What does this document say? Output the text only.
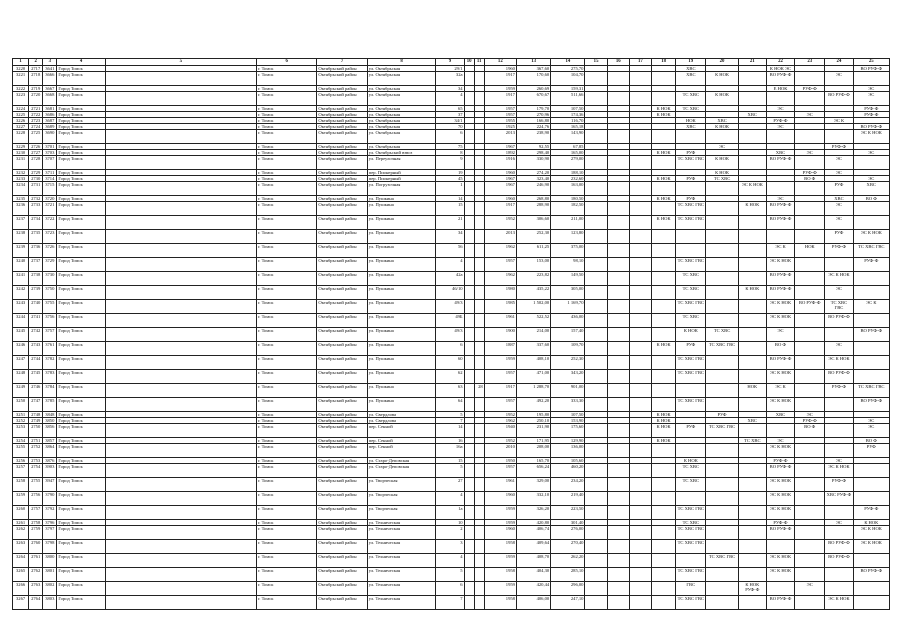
1	2	3	4	5	6	7	8	9	10	11	12	13	14	15	16	17	18	19	20	21	22	23	24	25
3220	2717	3641	Город Томск		г. Томск	Октябрьский район	ул. Октябрьская	29/1			1960	367,60	275,70					ХВС			К НОК ЭС			ВО РУФ-Ф
3221	2718	3666	Город Томск		г. Томск	Октябрьский район	ул. Октябрьская	32а			1917	170,60	104,70					ХВС	К НОК		ВО РУФ-Ф		ЭС	
3222	2719	3667	Город Томск		г. Томск	Октябрьский район	ул. Октябрьская	34			1959	260,69	159,31								Е НОК	РУФ-Ф		ЭС
3223	2720	3668	Город Томск		г. Томск	Октябрьский район	ул. Октябрьская	4			1917	670,67	511,66					ТС ХВС	К НОК				ВО РУФ-Ф	ЭС
3224	2721	3681	Город Томск		г. Томск	Октябрьский район	ул. Октябрьская	65			1957	179,70	107,50				К НОК	ТС ХВС			ЭС			РУФ-Ф
3225	2722	3686	Город Томск		г. Томск	Октябрьский район	ул. Октябрьская	37			1957	270,96	174,36				К НОК			ХВС		ЭС		РУФ-Ф
3226	2723	3687	Город Томск		г. Томск	Октябрьский район	ул. Октябрьская	34/1			1955	166,80	116,70					НОК	ХВС		РУФ-Ф		ЭС К	
3227	2724	3689	Город Томск		г. Томск	Октябрьский район	ул. Октябрьская	70			1925	224,76	165,18					ХВС	К НОК		ЭС			ВО РУФ-Ф
3228	2725	3690	Город Томск		г. Томск	Октябрьский район	ул. Октябрьская	6			2013	238,90	143,90											ЭС К НОК
3229	2726	3701	Город Томск		г. Томск	Октябрьский район	ул. Октябрьская	75			1967	92,55	67,85						ЭС				РУФ-Ф	
3230	2727	3703	Город Томск		г. Томск	Октябрьский район	ул. Октябрьский взвоз	8			1892	298,40	165,00				К НОК	РУФ			ХВС	ЭС		ЭС
3231	2728	3707	Город Томск		г. Томск	Октябрьский район	ул. Переулочная	9			1916	330,90	279,00					ТС ХВС ГВС	К НОК		ВО РУФ-Ф		ЭС	
3232	2729	3711	Город Томск		г. Томск	Октябрьский район	пер. Пионерный	19			1960	274,20	188,10						К НОК			РУФ-Ф	ЭС	
3233	2730	3714	Город Томск		г. Томск	Октябрьский район	пер. Пионерный	45			1967	323,40	232,60				К НОК	РУФ	ТС ХВС			ВО Ф		ЭС
3234	2731	3715	Город Томск		г. Томск	Октябрьский район	ул. Погрузочная	1			1967	246,90	163,00							ЭС К НОК			РУФ	ХВС
3235	2732	3720	Город Томск		г. Томск	Октябрьский район	ул. Пушкина	14			1960	268,80	180,50				К НОК	РУФ			ЭС		ХВС	ВО Ф
3236	2733	3721	Город Томск		г. Томск	Октябрьский район	ул. Пушкина	15			1917	288,90	182,50					ТС ХВС ГВС		К НОК	ВО РУФ-Ф		ЭС	
3237	2734	3722	Город Томск		г. Томск	Октябрьский район	ул. Пушкина	21			1952	306,60	211,00				К НОК	ТС ХВС ГВС			ВО РУФ-Ф		ЭС	
3238	2735	3723	Город Томск		г. Томск	Октябрьский район	ул. Пушкина	34			2013	252,30	123,80										РУФ	ЭС К НОК
3239	2736	3726	Город Томск		г. Томск	Октябрьский район	ул. Пушкина	56			1962	611,25	375,00								ЭС К	НОК	РУФ-Ф	ТС ХВС ГВС
3240	2737	3729	Город Томск		г. Томск	Октябрьский район	ул. Пушкина	4			1957	153,00	98,10					ТС ХВС ГВС			ЭС К НОК			РУФ-Ф
3241	2738	3730	Город Томск		г. Томск	Октябрьский район	ул. Пушкина	42а			1962	223,82	149,50					ТС ХВС			ВО РУФ-Ф		ЭС К НОК	
3242	2739	3750	Город Томск		г. Томск	Октябрьский район	ул. Пушкина	46/10			1980	435,22	305,00					ТС ХВС		К НОК	ВО РУФ-Ф		ЭС	
3243	2740	3755	Город Томск		г. Томск	Октябрьский район	ул. Пушкина	49/3			1985	1 502,00	1 169,70					ТС ХВС ГВС			ЭС К НОК	ВО РУФ-Ф	ТС ХВС ГВС	ЭС К
3244	2741	3756	Город Томск		г. Томск	Октябрьский район	ул. Пушкина	49Б			1961	522,52	436,00					ТС ХВС			ЭС К НОК		ВО РУФ-Ф	
3245	2742	3757	Город Томск		г. Томск	Октябрьский район	ул. Пушкина	49/3			1900	214,00	157,40					К НОК	ТС ХВС		ЭС			ВО РУФ-Ф
3246	2743	3761	Город Томск		г. Томск	Октябрьский район	ул. Пушкина	6			1887	337,60	109,70				К НОК	РУФ	ТС ХВС ГВС		ВО Ф		ЭС	
3247	2744	3782	Город Томск		г. Томск	Октябрьский район	ул. Пушкина	60			1959	408,10	252,30					ТС ХВС ГВС			ВО РУФ-Ф		ЭС К НОК	
3248	2745	3783	Город Томск		г. Томск	Октябрьский район	ул. Пушкина	62			1957	471,00	343,20					ТС ХВС ГВС			ЭС К НОК		ВО РУФ-Ф	
3249	2746	3784	Город Томск		г. Томск	Октябрьский район	ул. Пушкина	63		28	1917	1 288,70	901,00							НОК	ЭС К		РУФ-Ф	ТС ХВС ГВС
3250	2747	3785	Город Томск		г. Томск	Октябрьский район	ул. Пушкина	64			1957	492,20	333,30					ТС ХВС ГВС			ЭС К НОК			ВО РУФ-Ф
3251	2748	3848	Город Томск		г. Томск	Октябрьский район	ул. Свердлова	5			1952	195,80	107,50				К НОК		РУФ		ХВС	ЭС		
3252	2749	3850	Город Томск		г. Томск	Октябрьский район	ул. Свердлова	7			1962	250,10	153,90				К НОК			ХВС		РУФ-Ф		ЭС
3253	2750	3856	Город Томск		г. Томск	Октябрьский район	пер. Сенной	14			1940	231,90	175,60				К НОК	РУФ	ТС ХВС ГВС			ВО Ф		ЭС
3254	2751	3857	Город Томск		г. Томск	Октябрьский район	пер. Сенной	16			1952	171,95	129,90				К НОК			ТС ХВС	ЭС			ВО Ф
3255	2752	3864	Город Томск		г. Томск	Октябрьский район	пер. Сенной	16а			2010	208,00	136,00								ЭС К НОК			РУФ
3256	2753	3876	Город Томск		г. Томск	Октябрьский район	ул. Старо-Деповская	15			1950	165,70	105,60					К НОК			РУФ-Ф		ЭС	
3257	2754	3903	Город Томск		г. Томск	Октябрьский район	ул. Старо-Деповская	5			1957	656,24	460,20					ТС ХВС			ВО РУФ-Ф		ЭС К НОК	
3258	2755	3947	Город Томск		г. Томск	Октябрьский район	ул. Творческая	27			1961	329,00	234,20					ТС ХВС			ЭС К НОК		РУФ-Ф	
3259	2756	3790	Город Томск		г. Томск	Октябрьский район	ул. Творческая	4			1960	332,10	219,40								ЭС К НОК		ХВС РУФ-Ф	
3260	2757	3792	Город Томск		г. Томск	Октябрьский район	ул. Творческая	1а			1959	326,20	223,50					ТС ХВС ГВС			ЭС К НОК			РУФ-Ф
3261	2758	3796	Город Томск		г. Томск	Октябрьский район	ул. Техническая	10			1959	420,80	301,40					ТС ХВС			РУФ-Ф		ЭС	К НОК
3262	2759	3797	Город Томск		г. Томск	Октябрьский район	ул. Техническая	2			1960	406,74	276,00					ТС ХВС ГВС			ВО РУФ-Ф			ЭС К НОК
3263	2760	3798	Город Томск		г. Томск	Октябрьский район	ул. Техническая	3			1958	409,64	270,40					ТС ХВС ГВС					ВО РУФ-Ф	ЭС К НОК
3264	2761	3800	Город Томск		г. Томск	Октябрьский район	ул. Техническая	4			1959	408,70	262,20						ТС ХВС ГВС		ЭС К НОК		ВО РУФ-Ф	
3265	2762	3801	Город Томск		г. Томск	Октябрьский район	ул. Техническая	5			1958	404,30	285,10					ТС ХВС ГВС			ЭС К НОК			ВО РУФ-Ф
3266	2763	3802	Город Томск		г. Томск	Октябрьский район	ул. Техническая	6			1959	420,44	296,00					ГВС		К НОК РУФ-Ф		ЭС		
3267	2764	3803	Город Томск		г. Томск	Октябрьский район	ул. Техническая	7			1958	406,00	247,10					ТС ХВС ГВС			ВО РУФ-Ф		ЭС К НОК	
